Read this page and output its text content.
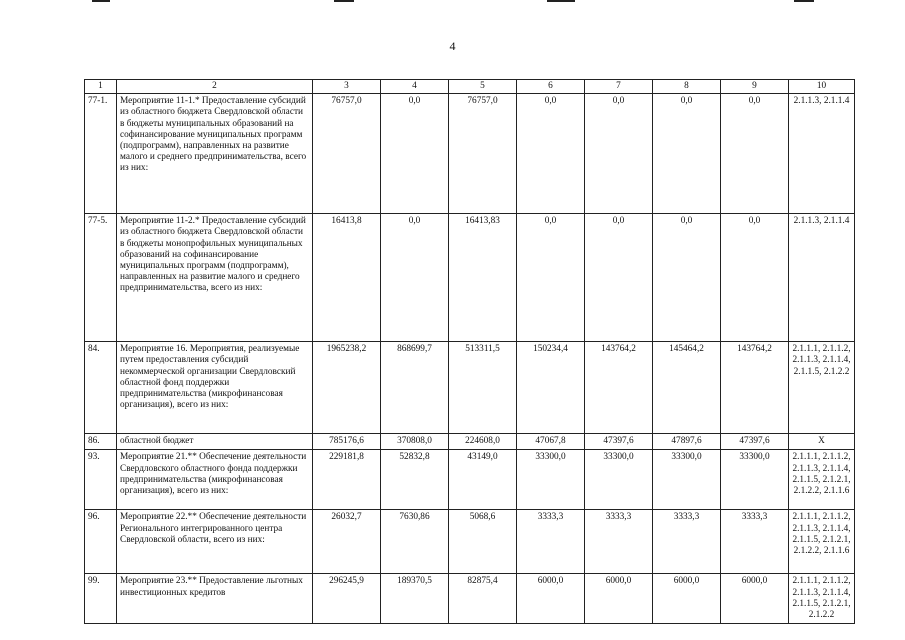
4
1	2	3	4	5	6	7	8	9	10
77-1.	Мероприятие 11-1.* Предоставление субсидий из областного бюджета Свердловской области в бюджеты муниципальных образований на софинансирование муниципальных программ (подпрограмм), направленных на развитие малого и среднего предпринимательства, всего из них:	76757,0	0,0	76757,0	0,0	0,0	0,0	0,0	2.1.1.3, 2.1.1.4
77-5.	Мероприятие 11-2.* Предоставление субсидий из областного бюджета Свердловской области в бюджеты монопрофильных муниципальных образований на софинансирование муниципальных программ (подпрограмм), направленных на развитие малого и среднего предпринимательства, всего из них:	16413,8	0,0	16413,83	0,0	0,0	0,0	0,0	2.1.1.3, 2.1.1.4
84.	Мероприятие 16. Мероприятия, реализуемые путем предоставления субсидий некоммерческой организации Свердловский областной фонд поддержки предпринимательства (микрофинансовая организация), всего из них:	1965238,2	868699,7	513311,5	150234,4	143764,2	145464,2	143764,2	2.1.1.1, 2.1.1.2, 2.1.1.3, 2.1.1.4, 2.1.1.5, 2.1.2.2
86.	областной бюджет	785176,6	370808,0	224608,0	47067,8	47397,6	47897,6	47397,6	X
93.	Мероприятие 21.** Обеспечение деятельности Свердловского областного фонда поддержки предпринимательства (микрофинансовая организация), всего из них:	229181,8	52832,8	43149,0	33300,0	33300,0	33300,0	33300,0	2.1.1.1, 2.1.1.2, 2.1.1.3, 2.1.1.4, 2.1.1.5, 2.1.2.1, 2.1.2.2, 2.1.1.6
96.	Мероприятие 22.** Обеспечение деятельности Регионального интегрированного центра Свердловской области, всего из них:	26032,7	7630,86	5068,6	3333,3	3333,3	3333,3	3333,3	2.1.1.1, 2.1.1.2, 2.1.1.3, 2.1.1.4, 2.1.1.5, 2.1.2.1, 2.1.2.2, 2.1.1.6
99.	Мероприятие 23.** Предоставление льготных инвестиционных кредитов	296245,9	189370,5	82875,4	6000,0	6000,0	6000,0	6000,0	2.1.1.1, 2.1.1.2, 2.1.1.3, 2.1.1.4, 2.1.1.5, 2.1.2.1, 2.1.2.2
